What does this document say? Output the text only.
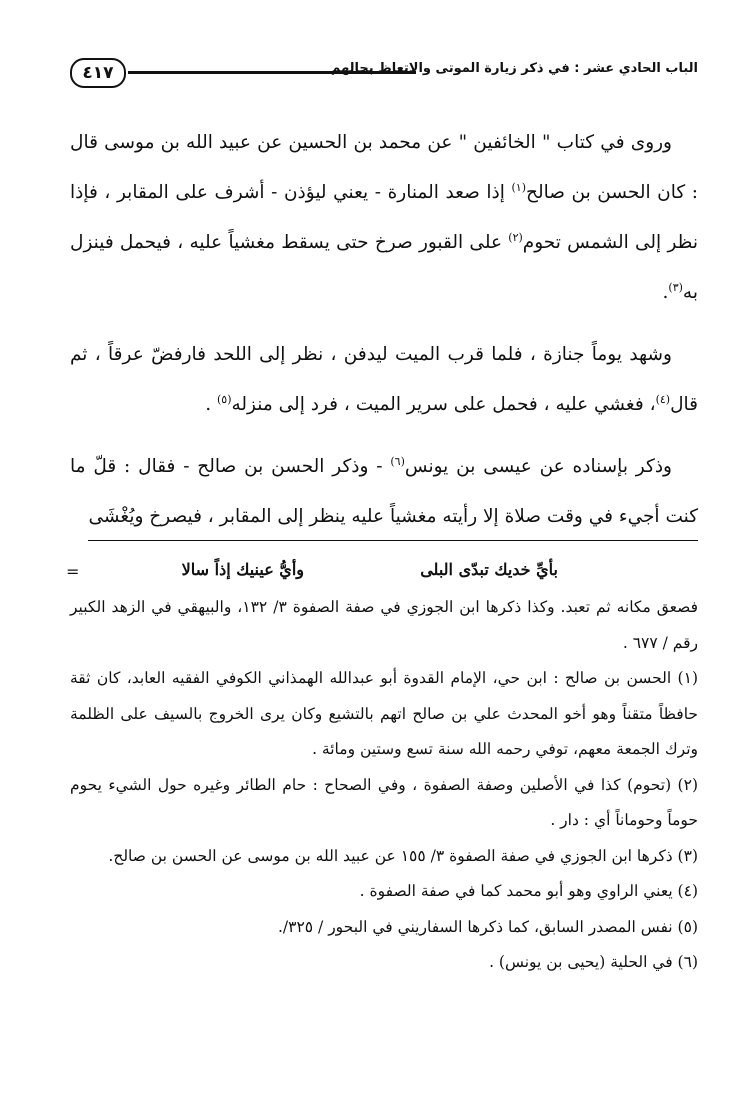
الباب الحادي عشر : في ذكر زيارة الموتى والاتعاظ بحالهم
٤١٧

وروى في كتاب " الخائفين " عن محمد بن الحسين عن عبيد الله بن موسى قال : كان الحسن بن صالح$^{(١)}$ إذا صعد المنارة - يعني ليؤذن - أشرف على المقابر ، فإذا نظر إلى الشمس تحوم$^{(٢)}$ على القبور صرخ حتى يسقط مغشياً عليه ، فيحمل فينزل به$^{(٣)}$.

وشهد يوماً جنازة ، فلما قرب الميت ليدفن ، نظر إلى اللحد فارفضّ عرقاً ، ثم قال$^{(٤)}$، فغشي عليه ، فحمل على سرير الميت ، فرد إلى منزله$^{(٥)}$ .

وذكر بإسناده عن عيسى بن يونس$^{(٦)}$ - وذكر الحسن بن صالح - فقال : قلّ ما كنت أجيء في وقت صلاة إلا رأيته مغشياً عليه ينظر إلى المقابر ، فيصرخ ويُغْشَى

=	بأيِّ خديك تبدّى البلى
وأيُّ عينيك إذاً سالا

فصعق مكانه ثم تعبد. وكذا ذكرها ابن الجوزي في صفة الصفوة ٣/ ١٣٢، والبيهقي في الزهد الكبير رقم / ٦٧٧ .

(١) الحسن بن صالح : ابن حي، الإمام القدوة أبو عبدالله الهمذاني الكوفي الفقيه العابد، كان ثقة حافظاً متقناً وهو أخو المحدث علي بن صالح اتهم بالتشيع وكان يرى الخروج بالسيف على الظلمة وترك الجمعة معهم، توفي رحمه الله سنة تسع وستين ومائة .

(٢) (تحوم) كذا في الأصلين وصفة الصفوة ، وفي الصحاح : حام الطائر وغيره حول الشيء يحوم حوماً وحوماناً أي : دار .

(٣) ذكرها ابن الجوزي في صفة الصفوة ٣/ ١٥٥ عن عبيد الله بن موسى عن الحسن بن صالح.

(٤) يعني الراوي وهو أبو محمد كما في صفة الصفوة .

(٥) نفس المصدر السابق، كما ذكرها السفاريني في البحور / ٣٢٥/.

(٦) في الحلية (يحيى بن يونس) .
